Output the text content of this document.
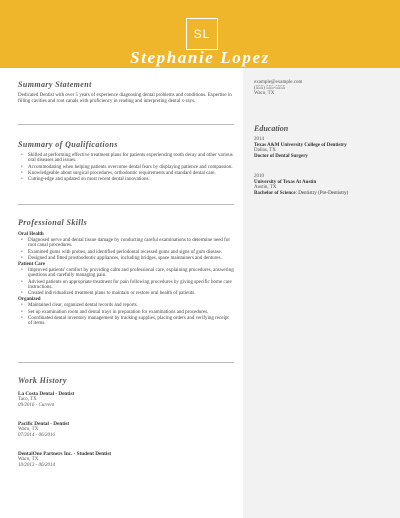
SL
Stephanie Lopez
example@example.com
(555) 555-5555
Waco, TX
Education
2014
Texas A&M University College of Dentistry
Dallas, TX
Doctor of Dental Surgery
2010
University of Texas At Austin
Austin, TX
Bachelor of Science: Dentistry (Pre-Dentistry)
Summary Statement
Dedicated Dentist with over 5 years of experience diagnosing dental problems and conditions. Expertise in filling cavities and root canals with proficiency in reading and interpreting dental x-rays.
Summary of Qualifications
• Skilled at performing effective treatment plans for patients experiencing tooth decay and other various oral diseases and issues.
• Accommodating when helping patients overcome dental fears by displaying patience and compassion.
• Knowledgeable about surgical procedures, orthodontic requirements and standard dental care.
• Cutting-edge and updated on most recent dental innovations.
Professional Skills
Oral Health
• Diagnosed nerve and dental tissue damage by conducting careful examinations to determine need for root canal procedures.
• Examined gums with probes, and identified periodontal recessed gums and signs of gum disease.
• Designed and fitted prosthodontic appliances, including bridges, space maintainers and dentures.
Patient Care
• Improved patients' comfort by providing calm and professional care, explaining procedures, answering questions and carefully managing pain.
• Advised patients on appropriate treatment for pain following procedures by giving specific home care instructions.
• Created individualized treatment plans to maintain or restore oral health of patients.
Organized
• Maintained clear, organized dental records and reports.
• Set up examination room and dental trays in preparation for examinations and procedures.
• Coordinated dental inventory management by tracking supplies, placing orders and verifying receipt of items.
Work History
La Costa Dental - Dentist
Taco, TX
09/2016 - Current
Pacific Dental - Dentist
Waco, TX
07/2014 - 06/2016
DentalOne Partners Inc. - Student Dentist
Waco, TX
10/2013 - 06/2014
